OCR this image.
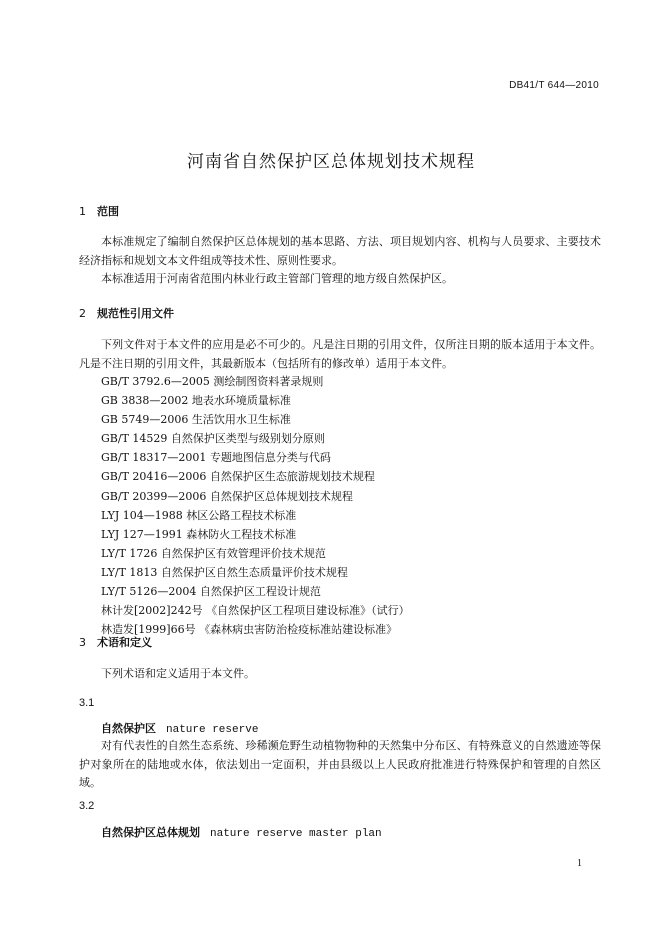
DB41/T 644—2010
河南省自然保护区总体规划技术规程
1 范围

本标准规定了编制自然保护区总体规划的基本思路、方法、项目规划内容、机构与人员要求、主要技术经济指标和规划文本文件组成等技术性、原则性要求。

本标准适用于河南省范围内林业行政主管部门管理的地方级自然保护区。

2 规范性引用文件

下列文件对于本文件的应用是必不可少的。凡是注日期的引用文件，仅所注日期的版本适用于本文件。凡是不注日期的引用文件，其最新版本（包括所有的修改单）适用于本文件。

GB/T 3792.6—2005 测绘制图资料著录规则
GB 3838—2002 地表水环境质量标准
GB 5749—2006 生活饮用水卫生标准
GB/T 14529 自然保护区类型与级别划分原则
GB/T 18317—2001 专题地图信息分类与代码
GB/T 20416—2006 自然保护区生态旅游规划技术规程
GB/T 20399—2006 自然保护区总体规划技术规程
LYJ 104—1988 林区公路工程技术标准
LYJ 127—1991 森林防火工程技术标准
LY/T 1726 自然保护区有效管理评价技术规范
LY/T 1813 自然保护区自然生态质量评价技术规程
LY/T 5126—2004 自然保护区工程设计规范
林计发[2002]242号 《自然保护区工程项目建设标准》（试行）
林造发[1999]66号 《森林病虫害防治检疫标准站建设标准》
3 术语和定义

下列术语和定义适用于本文件。

3.1
自然保护区 nature reserve

对有代表性的自然生态系统、珍稀濒危野生动植物物种的天然集中分布区、有特殊意义的自然遗迹等保护对象所在的陆地或水体，依法划出一定面积，并由县级以上人民政府批准进行特殊保护和管理的自然区域。

3.2
自然保护区总体规划 nature reserve master plan
1
